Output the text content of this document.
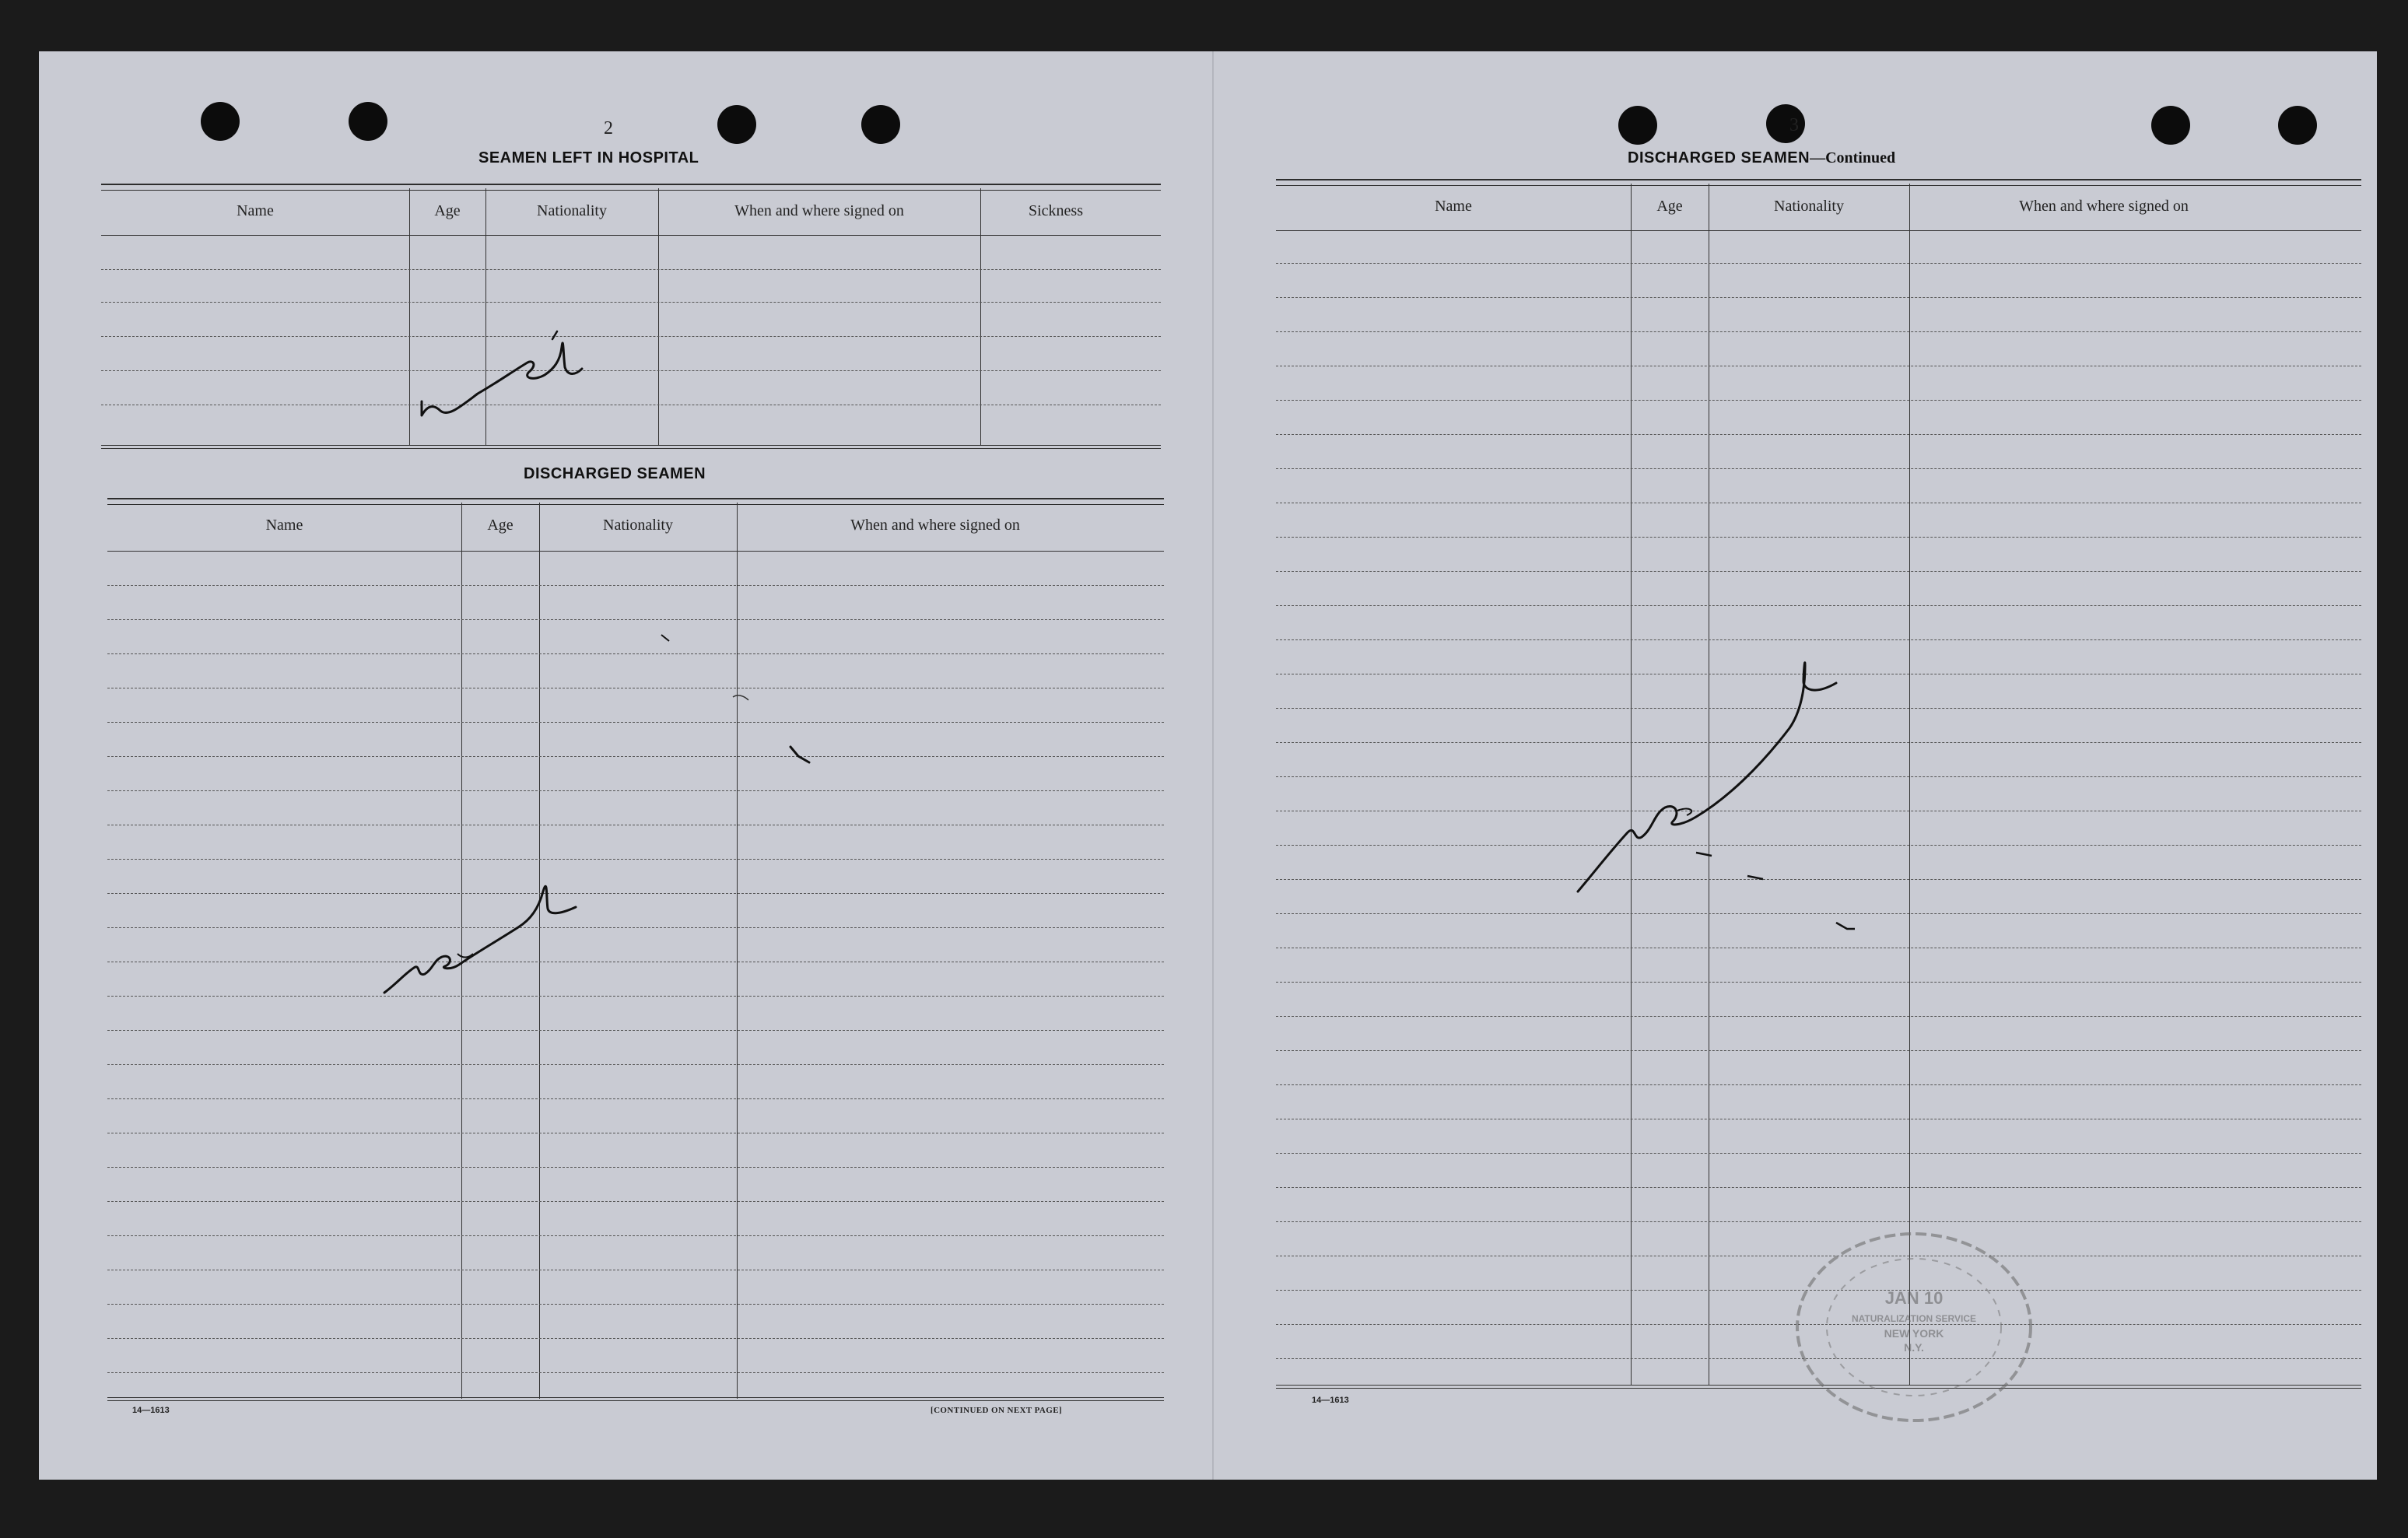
2
SEAMEN LEFT IN HOSPITAL
Name	Age	Nationality	When and where signed on	Sickness
DISCHARGED SEAMEN
Name	Age	Nationality	When and where signed on
14—1613	[CONTINUED ON NEXT PAGE]
3
DISCHARGED SEAMEN—Continued
Name	Age	Nationality	When and where signed on
JAN 10
NATURALIZATION SERVICE
NEW YORK
N.Y.
14—1613
